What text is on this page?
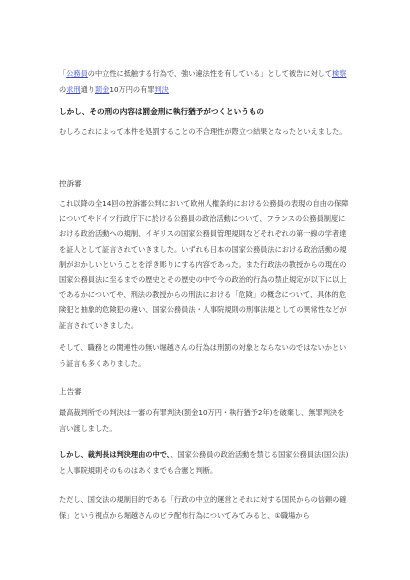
「公務員の中立性に抵触する行為で、強い違法性を有している」として被告に対して検察の求刑通り罰金10万円の有罪判決

しかし、その刑の内容は罰金刑に執行猶予がつくというもの

むしろこれによって本件を処罰することの不合理性が際立つ結果となったといえました。

控訴審

これ以降の全14回の控訴審公判において欧州人権条約における公務員の表現の自由の保障についてやドイツ行政庁下に於ける公務員の政治活動について、フランスの公務員制度における政治活動への規制、イギリスの国家公務員管理規則などそれぞれの第一線の学者達を証人として証言されていきました。いずれも日本の国家公務員法における政治活動の規制がおかしいということを浮き彫りにする内容であった。また行政法の教授からの現在の国家公務員法に至るまでの歴史とその歴史の中で今の政治的行為の禁止規定が以下に以上であるかについてや、刑法の教授からの刑法における「危険」の概念について、具体的危険犯と抽象的危険犯の違い、国家公務員法・人事院規則の刑事法規としての異常性などが証言されていきました。

そして、職務との関連性の無い堀越さんの行為は刑罰の対象とならないのではないかという証言も多くありました。

上告審

最高裁判所での判決は一審の有罪判決(罰金10万円・執行猶予2年)を破棄し、無罪判決を言い渡しました。

しかし、裁判長は判決理由の中で、、国家公務員の政治活動を禁じる国家公務員法(国公法)と人事院規則そのものはあくまでも合憲と判断。

ただし、国交法の規制目的である「行政の中立的運営とそれに対する国民からの信頼の確保」という視点から堀越さんのビラ配布行為についてみてみると、①職場から
